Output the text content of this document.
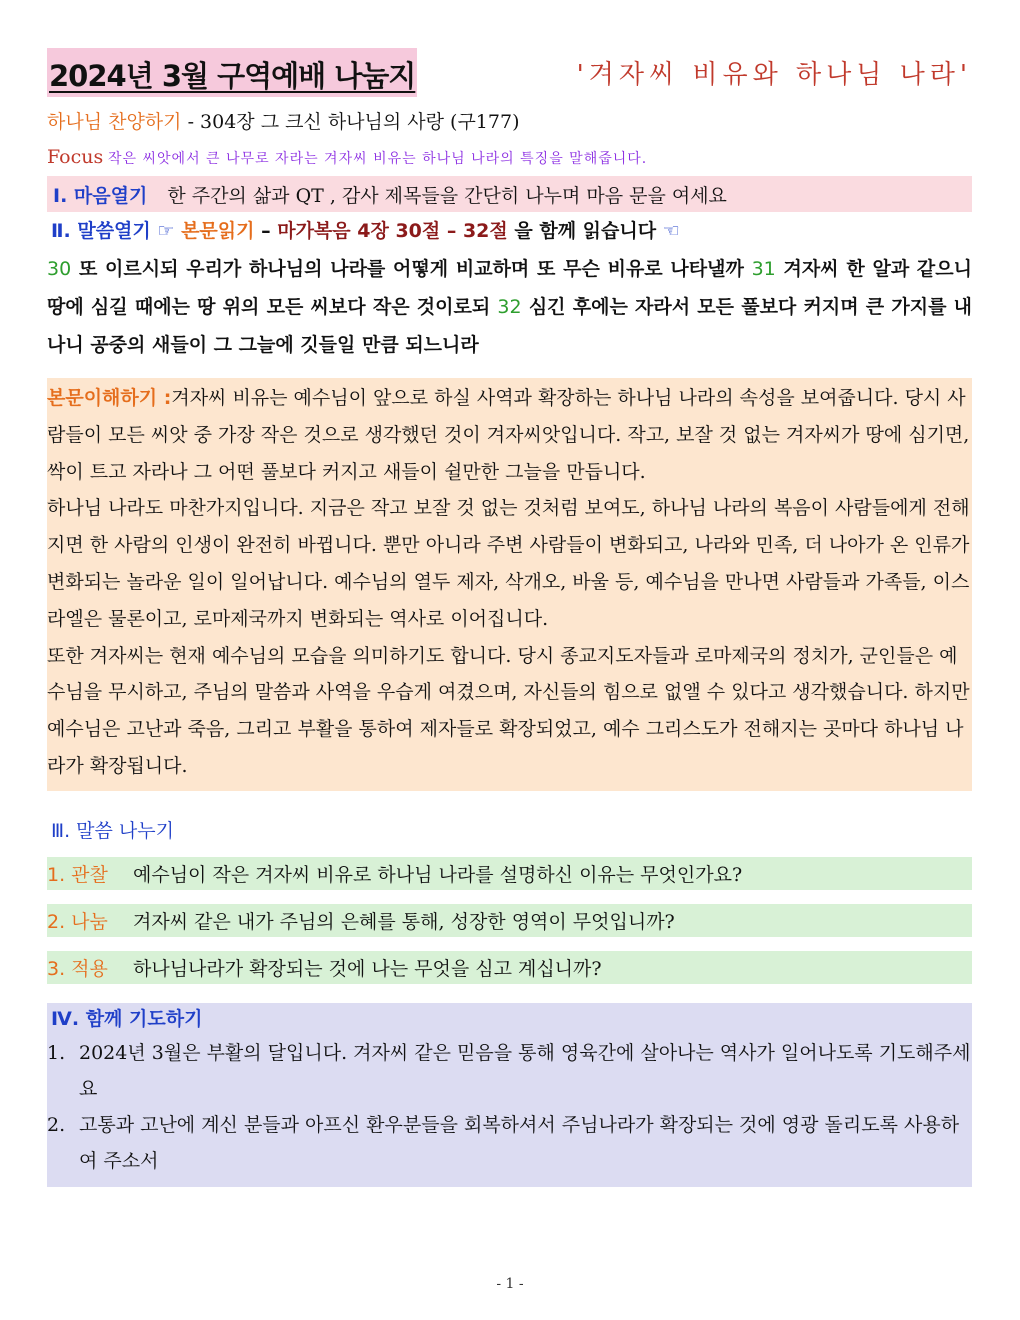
2024년 3월 구역예배 나눔지	'겨자씨 비유와 하나님 나라'
하나님 찬양하기 - 304장 그 크신 하나님의 사랑 (구177)
Focus 작은 씨앗에서 큰 나무로 자라는 겨자씨 비유는 하나님 나라의 특징을 말해줍니다.
Ⅰ. 마음열기 한 주간의 삶과 QT , 감사 제목들을 간단히 나누며 마음 문을 여세요
Ⅱ. 말씀열기 ☞ 본문읽기 – 마가복음 4장 30절 – 32절 을 함께 읽습니다 ☜
30 또 이르시되 우리가 하나님의 나라를 어떻게 비교하며 또 무슨 비유로 나타낼까 31 겨자씨 한 알과 같으니 땅에 심길 때에는 땅 위의 모든 씨보다 작은 것이로되 32 심긴 후에는 자라서 모든 풀보다 커지며 큰 가지를 내나니 공중의 새들이 그 그늘에 깃들일 만큼 되느니라

본문이해하기 :겨자씨 비유는 예수님이 앞으로 하실 사역과 확장하는 하나님 나라의 속성을 보여줍니다. 당시 사람들이 모든 씨앗 중 가장 작은 것으로 생각했던 것이 겨자씨앗입니다. 작고, 보잘 것 없는 겨자씨가 땅에 심기면, 싹이 트고 자라나 그 어떤 풀보다 커지고 새들이 쉴만한 그늘을 만듭니다.

하나님 나라도 마찬가지입니다. 지금은 작고 보잘 것 없는 것처럼 보여도, 하나님 나라의 복음이 사람들에게 전해지면 한 사람의 인생이 완전히 바뀝니다. 뿐만 아니라 주변 사람들이 변화되고, 나라와 민족, 더 나아가 온 인류가 변화되는 놀라운 일이 일어납니다. 예수님의 열두 제자, 삭개오, 바울 등, 예수님을 만나면 사람들과 가족들, 이스라엘은 물론이고, 로마제국까지 변화되는 역사로 이어집니다.

또한 겨자씨는 현재 예수님의 모습을 의미하기도 합니다. 당시 종교지도자들과 로마제국의 정치가, 군인들은 예수님을 무시하고, 주님의 말씀과 사역을 우습게 여겼으며, 자신들의 힘으로 없앨 수 있다고 생각했습니다. 하지만 예수님은 고난과 죽음, 그리고 부활을 통하여 제자들로 확장되었고, 예수 그리스도가 전해지는 곳마다 하나님 나라가 확장됩니다.

Ⅲ. 말씀 나누기
1. 관찰	예수님이 작은 겨자씨 비유로 하나님 나라를 설명하신 이유는 무엇인가요?
2. 나눔	겨자씨 같은 내가 주님의 은혜를 통해, 성장한 영역이 무엇입니까?
3. 적용	하나님나라가 확장되는 것에 나는 무엇을 심고 계십니까?
Ⅳ. 함께 기도하기
1. 2024년 3월은 부활의 달입니다. 겨자씨 같은 믿음을 통해 영육간에 살아나는 역사가 일어나도록 기도해주세요
2. 고통과 고난에 계신 분들과 아프신 환우분들을 회복하셔서 주님나라가 확장되는 것에 영광 돌리도록 사용하여 주소서
- 1 -
